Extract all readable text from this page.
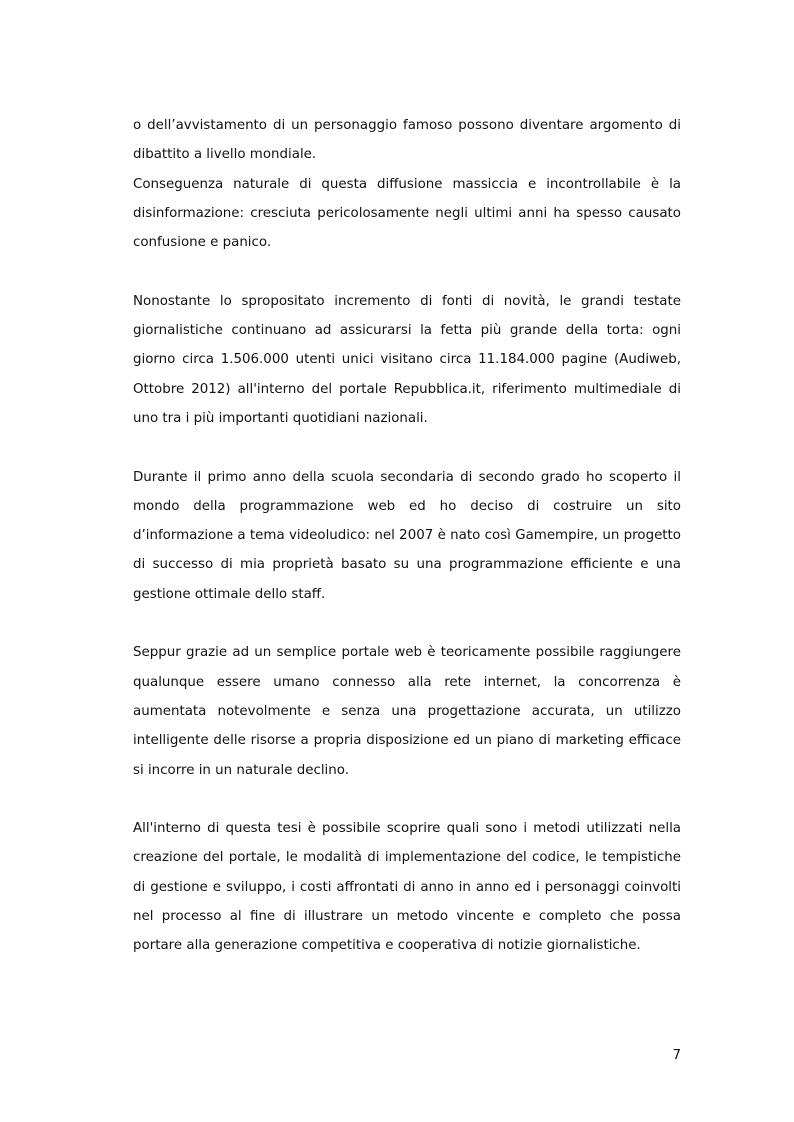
o dell’avvistamento di un personaggio famoso possono diventare argomento di dibattito a livello mondiale.

Conseguenza naturale di questa diffusione massiccia e incontrollabile è la disinformazione: cresciuta pericolosamente negli ultimi anni ha spesso causato confusione e panico.

Nonostante lo spropositato incremento di fonti di novità, le grandi testate giornalistiche continuano ad assicurarsi la fetta più grande della torta: ogni giorno circa 1.506.000 utenti unici visitano circa 11.184.000 pagine (Audiweb, Ottobre 2012) all'interno del portale Repubblica.it, riferimento multimediale di uno tra i più importanti quotidiani nazionali.

Durante il primo anno della scuola secondaria di secondo grado ho scoperto il mondo della programmazione web ed ho deciso di costruire un sito d’informazione a tema videoludico: nel 2007 è nato così Gamempire, un progetto di successo di mia proprietà basato su una programmazione efficiente e una gestione ottimale dello staff.

Seppur grazie ad un semplice portale web è teoricamente possibile raggiungere qualunque essere umano connesso alla rete internet, la concorrenza è aumentata notevolmente e senza una progettazione accurata, un utilizzo intelligente delle risorse a propria disposizione ed un piano di marketing efficace si incorre in un naturale declino.

All'interno di questa tesi è possibile scoprire quali sono i metodi utilizzati nella creazione del portale, le modalità di implementazione del codice, le tempistiche di gestione e sviluppo, i costi affrontati di anno in anno ed i personaggi coinvolti nel processo al fine di illustrare un metodo vincente e completo che possa portare alla generazione competitiva e cooperativa di notizie giornalistiche.

7
